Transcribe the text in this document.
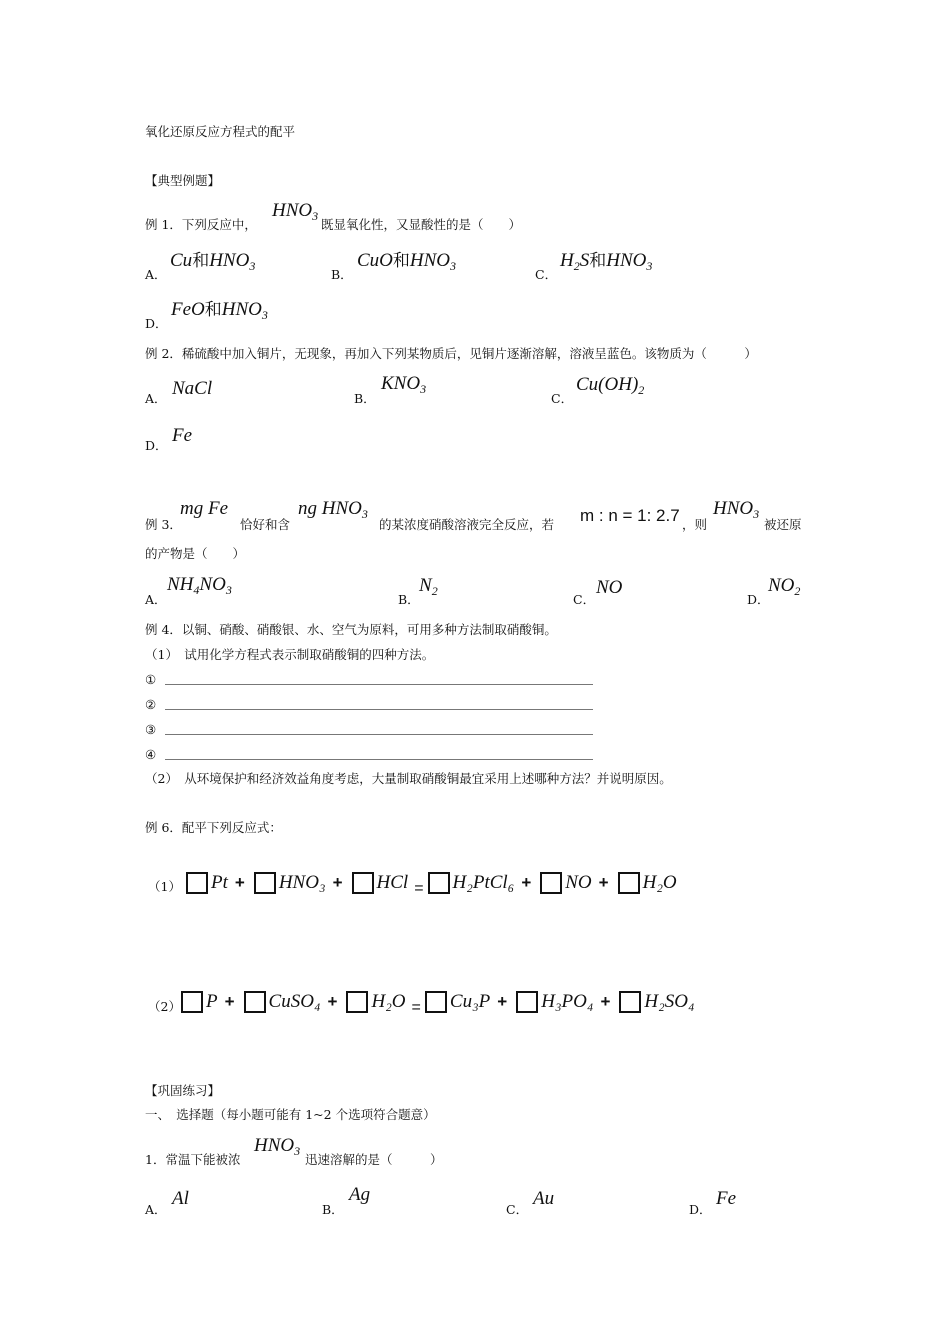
氧化还原反应方程式的配平
【典型例题】
例 1．下列反应中，
$HNO_3$
既显氧化性，又显酸性的是（　　）
A．
Cu和$HNO_3$
B．
CuO和$HNO_3$
C．
$H_2S$和$HNO_3$
D．
FeO和$HNO_3$
例 2．稀硫酸中加入铜片，无现象，再加入下列某物质后，见铜片逐渐溶解，溶液呈蓝色。该物质为（　　　）
A． NaCl	B．
$KNO_3$
C．
$Cu(OH)_2$
D． Fe
例 3．
mg Fe
恰好和含
ng $HNO_3$
的某浓度硝酸溶液完全反应，若 m : n = 1: 2.7 ，则
$HNO_3$
被还原
的产物是（　　）
A．
$NH_4NO_3$
B．
$N_2$
C．
NO
D．
$NO_2$
例 4．以铜、硝酸、硝酸银、水、空气为原料，可用多种方法制取硝酸铜。
（1）　试用化学方程式表示制取硝酸铜的四种方法。
①
②
③
④
（2）　从环境保护和经济效益角度考虑，大量制取硝酸铜最宜采用上述哪种方法？并说明原因。
例 6．配平下列反应式：
（1） Pt + HNO₃ + HCl = H₂PtCl₆ + NO + H₂O
（2） P + CuSO₄ + H₂O = Cu₃P + H₃PO₄ + H₂SO₄
【巩固练习】
一、　选择题（每小题可能有 1~2 个选项符合题意）
1．常温下能被浓
$HNO_3$
迅速溶解的是（　　　）
A．
Al
B．
Ag
C．
Au
D．
Fe
